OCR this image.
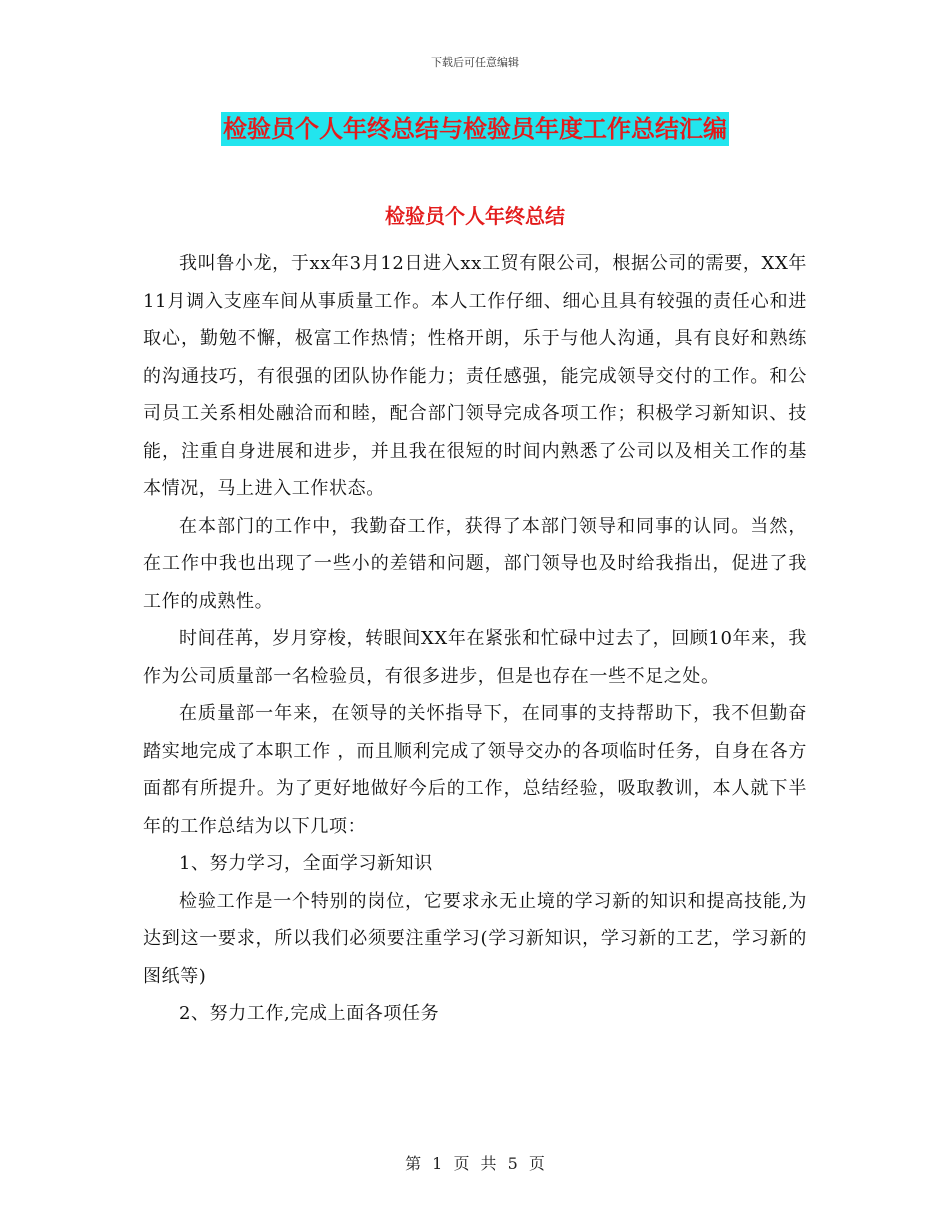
下载后可任意编辑
检验员个人年终总结与检验员年度工作总结汇编
检验员个人年终总结

我叫鲁小龙，于xx年3月12日进入xx工贸有限公司，根据公司的需要，XX年11月调入支座车间从事质量工作。本人工作仔细、细心且具有较强的责任心和进取心，勤勉不懈，极富工作热情；性格开朗，乐于与他人沟通，具有良好和熟练的沟通技巧，有很强的团队协作能力；责任感强，能完成领导交付的工作。和公司员工关系相处融洽而和睦，配合部门领导完成各项工作；积极学习新知识、技能，注重自身进展和进步，并且我在很短的时间内熟悉了公司以及相关工作的基本情况，马上进入工作状态。

在本部门的工作中，我勤奋工作，获得了本部门领导和同事的认同。当然，在工作中我也出现了一些小的差错和问题，部门领导也及时给我指出，促进了我工作的成熟性。

时间荏苒，岁月穿梭，转眼间XX年在紧张和忙碌中过去了，回顾10年来，我作为公司质量部一名检验员，有很多进步，但是也存在一些不足之处。

在质量部一年来，在领导的关怀指导下，在同事的支持帮助下，我不但勤奋踏实地完成了本职工作 ，而且顺利完成了领导交办的各项临时任务，自身在各方面都有所提升。为了更好地做好今后的工作，总结经验，吸取教训，本人就下半年的工作总结为以下几项：

1、努力学习，全面学习新知识

检验工作是一个特别的岗位，它要求永无止境的学习新的知识和提高技能,为达到这一要求，所以我们必须要注重学习(学习新知识，学习新的工艺，学习新的图纸等)

2、努力工作,完成上面各项任务

第 1 页 共 5 页
